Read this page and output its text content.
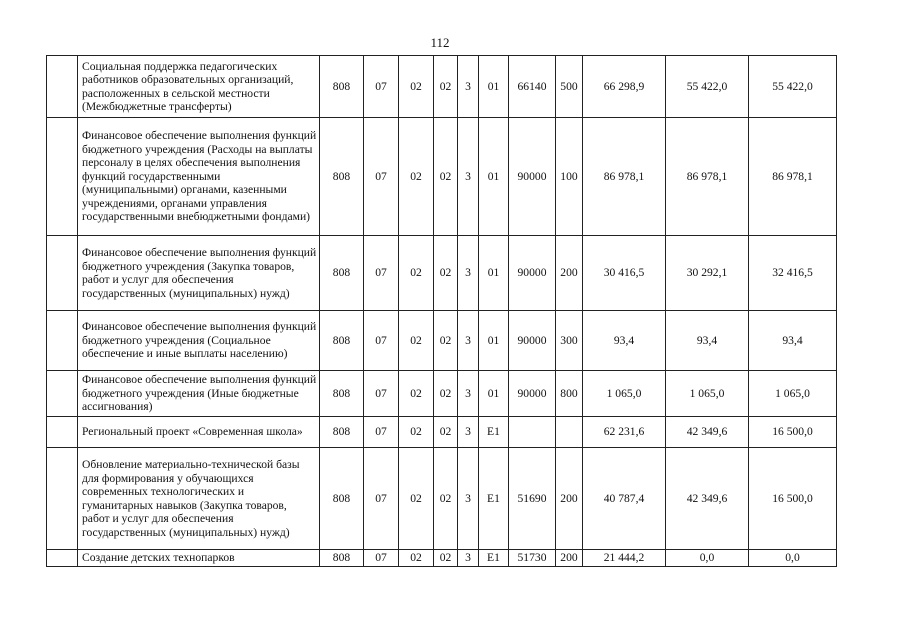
112
	Социальная поддержка педагогических работников образовательных организаций, расположенных в сельской местности (Межбюджетные трансферты)	808	07	02	02	3	01	66140	500	66 298,9	55 422,0	55 422,0
	Финансовое обеспечение выполнения функций бюджетного учреждения (Расходы на выплаты персоналу в целях обеспечения выполнения функций государственными (муниципальными) органами, казенными учреждениями, органами управления государственными внебюджетными фондами)	808	07	02	02	3	01	90000	100	86 978,1	86 978,1	86 978,1
	Финансовое обеспечение выполнения функций бюджетного учреждения (Закупка товаров, работ и услуг для обеспечения государственных (муниципальных) нужд)	808	07	02	02	3	01	90000	200	30 416,5	30 292,1	32 416,5
	Финансовое обеспечение выполнения функций бюджетного учреждения (Социальное обеспечение и иные выплаты населению)	808	07	02	02	3	01	90000	300	93,4	93,4	93,4
	Финансовое обеспечение выполнения функций бюджетного учреждения (Иные бюджетные ассигнования)	808	07	02	02	3	01	90000	800	1 065,0	1 065,0	1 065,0
	Региональный проект «Современная школа»	808	07	02	02	3	E1			62 231,6	42 349,6	16 500,0
	Обновление материально-технической базы для формирования у обучающихся современных технологических и гуманитарных навыков (Закупка товаров, работ и услуг для обеспечения государственных (муниципальных) нужд)	808	07	02	02	3	E1	51690	200	40 787,4	42 349,6	16 500,0
	Создание детских технопарков	808	07	02	02	3	E1	51730	200	21 444,2	0,0	0,0
